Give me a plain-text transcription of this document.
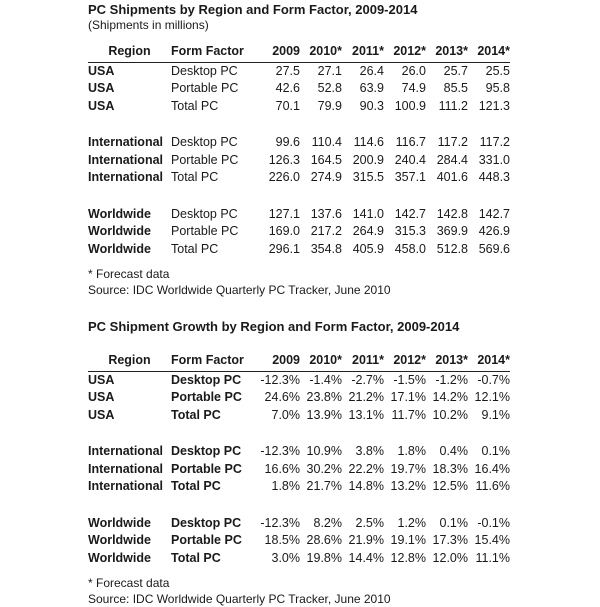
PC Shipments by Region and Form Factor, 2009-2014

(Shipments in millions)

Region	Form Factor	2009	2010*	2011*	2012*	2013*	2014*
USA	Desktop PC	27.5	27.1	26.4	26.0	25.7	25.5
USA	Portable PC	42.6	52.8	63.9	74.9	85.5	95.8
USA	Total PC	70.1	79.9	90.3	100.9	111.2	121.3

International	Desktop PC	99.6	110.4	114.6	116.7	117.2	117.2
International	Portable PC	126.3	164.5	200.9	240.4	284.4	331.0
International	Total PC	226.0	274.9	315.5	357.1	401.6	448.3

Worldwide	Desktop PC	127.1	137.6	141.0	142.7	142.8	142.7
Worldwide	Portable PC	169.0	217.2	264.9	315.3	369.9	426.9
Worldwide	Total PC	296.1	354.8	405.9	458.0	512.8	569.6

* Forecast data

Source: IDC Worldwide Quarterly PC Tracker, June 2010

PC Shipment Growth by Region and Form Factor, 2009-2014

Region	Form Factor	2009	2010*	2011*	2012*	2013*	2014*
USA	Desktop PC	-12.3%	-1.4%	-2.7%	-1.5%	-1.2%	-0.7%
USA	Portable PC	24.6%	23.8%	21.2%	17.1%	14.2%	12.1%
USA	Total PC	7.0%	13.9%	13.1%	11.7%	10.2%	9.1%

International	Desktop PC	-12.3%	10.9%	3.8%	1.8%	0.4%	0.1%
International	Portable PC	16.6%	30.2%	22.2%	19.7%	18.3%	16.4%
International	Total PC	1.8%	21.7%	14.8%	13.2%	12.5%	11.6%

Worldwide	Desktop PC	-12.3%	8.2%	2.5%	1.2%	0.1%	-0.1%
Worldwide	Portable PC	18.5%	28.6%	21.9%	19.1%	17.3%	15.4%
Worldwide	Total PC	3.0%	19.8%	14.4%	12.8%	12.0%	11.1%

* Forecast data

Source: IDC Worldwide Quarterly PC Tracker, June 2010
